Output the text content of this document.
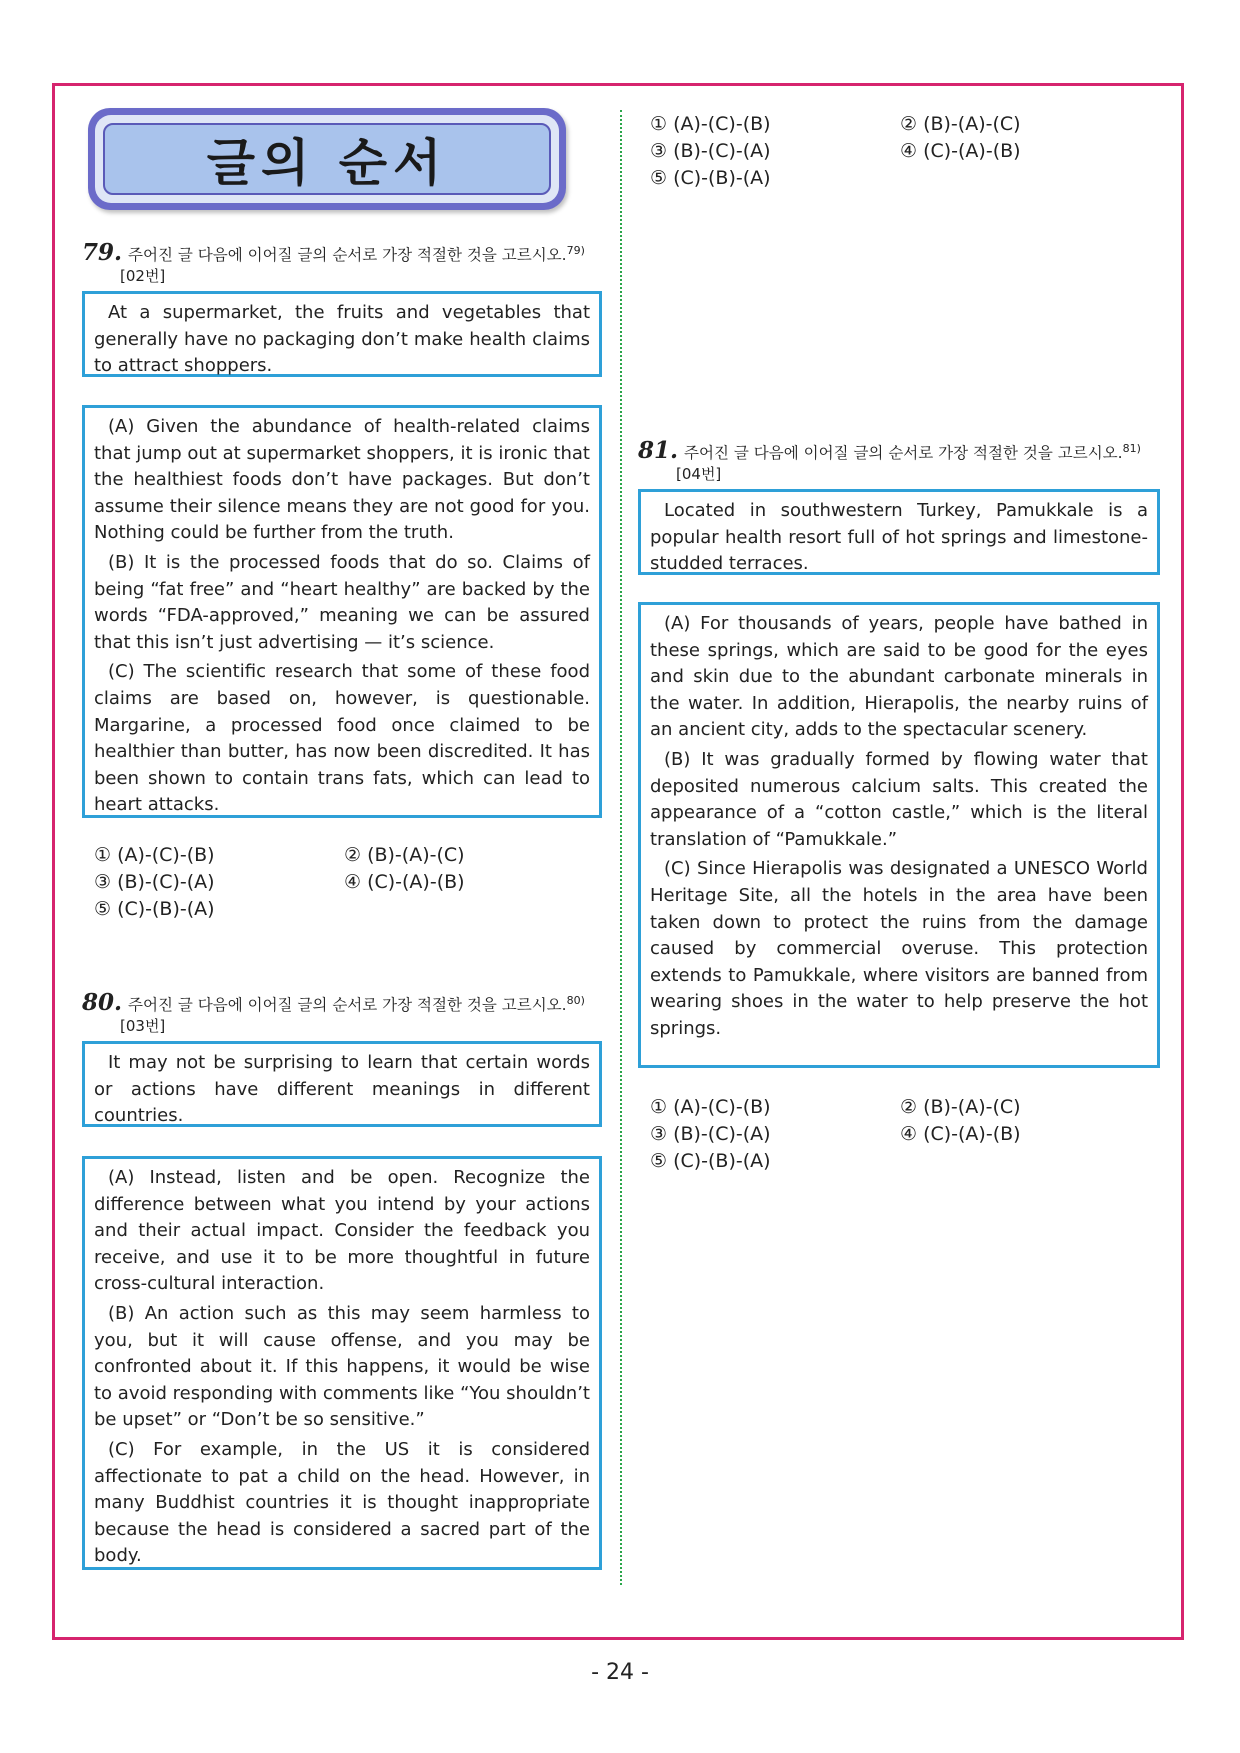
글의 순서
79. 주어진 글 다음에 이어질 글의 순서로 가장 적절한 것을 고르시오.$^{79)}$
[02번]

At a supermarket, the fruits and vegetables that generally have no packaging don’t make health claims to attract shoppers.

(A) Given the abundance of health-related claims that jump out at supermarket shoppers, it is ironic that the healthiest foods don’t have packages. But don’t assume their silence means they are not good for you. Nothing could be further from the truth.

(B) It is the processed foods that do so. Claims of being “fat free” and “heart healthy” are backed by the words “FDA-approved,” meaning we can be assured that this isn’t just advertising — it’s science.

(C) The scientific research that some of these food claims are based on, however, is questionable. Margarine, a processed food once claimed to be healthier than butter, has now been discredited. It has been shown to contain trans fats, which can lead to heart attacks.

① (A)-(C)-(B)	② (B)-(A)-(C)
③ (B)-(C)-(A)	④ (C)-(A)-(B)
⑤ (C)-(B)-(A)
80. 주어진 글 다음에 이어질 글의 순서로 가장 적절한 것을 고르시오.$^{80)}$
[03번]

It may not be surprising to learn that certain words or actions have different meanings in different countries.

(A) Instead, listen and be open. Recognize the difference between what you intend by your actions and their actual impact. Consider the feedback you receive, and use it to be more thoughtful in future cross-cultural interaction.

(B) An action such as this may seem harmless to you, but it will cause offense, and you may be confronted about it. If this happens, it would be wise to avoid responding with comments like “You shouldn’t be upset” or “Don’t be so sensitive.”

(C) For example, in the US it is considered affectionate to pat a child on the head. However, in many Buddhist countries it is thought inappropriate because the head is considered a sacred part of the body.

① (A)-(C)-(B)	② (B)-(A)-(C)
③ (B)-(C)-(A)	④ (C)-(A)-(B)
⑤ (C)-(B)-(A)
81. 주어진 글 다음에 이어질 글의 순서로 가장 적절한 것을 고르시오.$^{81)}$
[04번]

Located in southwestern Turkey, Pamukkale is a popular health resort full of hot springs and limestone-studded terraces.

(A) For thousands of years, people have bathed in these springs, which are said to be good for the eyes and skin due to the abundant carbonate minerals in the water. In addition, Hierapolis, the nearby ruins of an ancient city, adds to the spectacular scenery.

(B) It was gradually formed by flowing water that deposited numerous calcium salts. This created the appearance of a “cotton castle,” which is the literal translation of “Pamukkale.”

(C) Since Hierapolis was designated a UNESCO World Heritage Site, all the hotels in the area have been taken down to protect the ruins from the damage caused by commercial overuse. This protection extends to Pamukkale, where visitors are banned from wearing shoes in the water to help preserve the hot springs.

① (A)-(C)-(B)	② (B)-(A)-(C)
③ (B)-(C)-(A)	④ (C)-(A)-(B)
⑤ (C)-(B)-(A)
- 24 -
